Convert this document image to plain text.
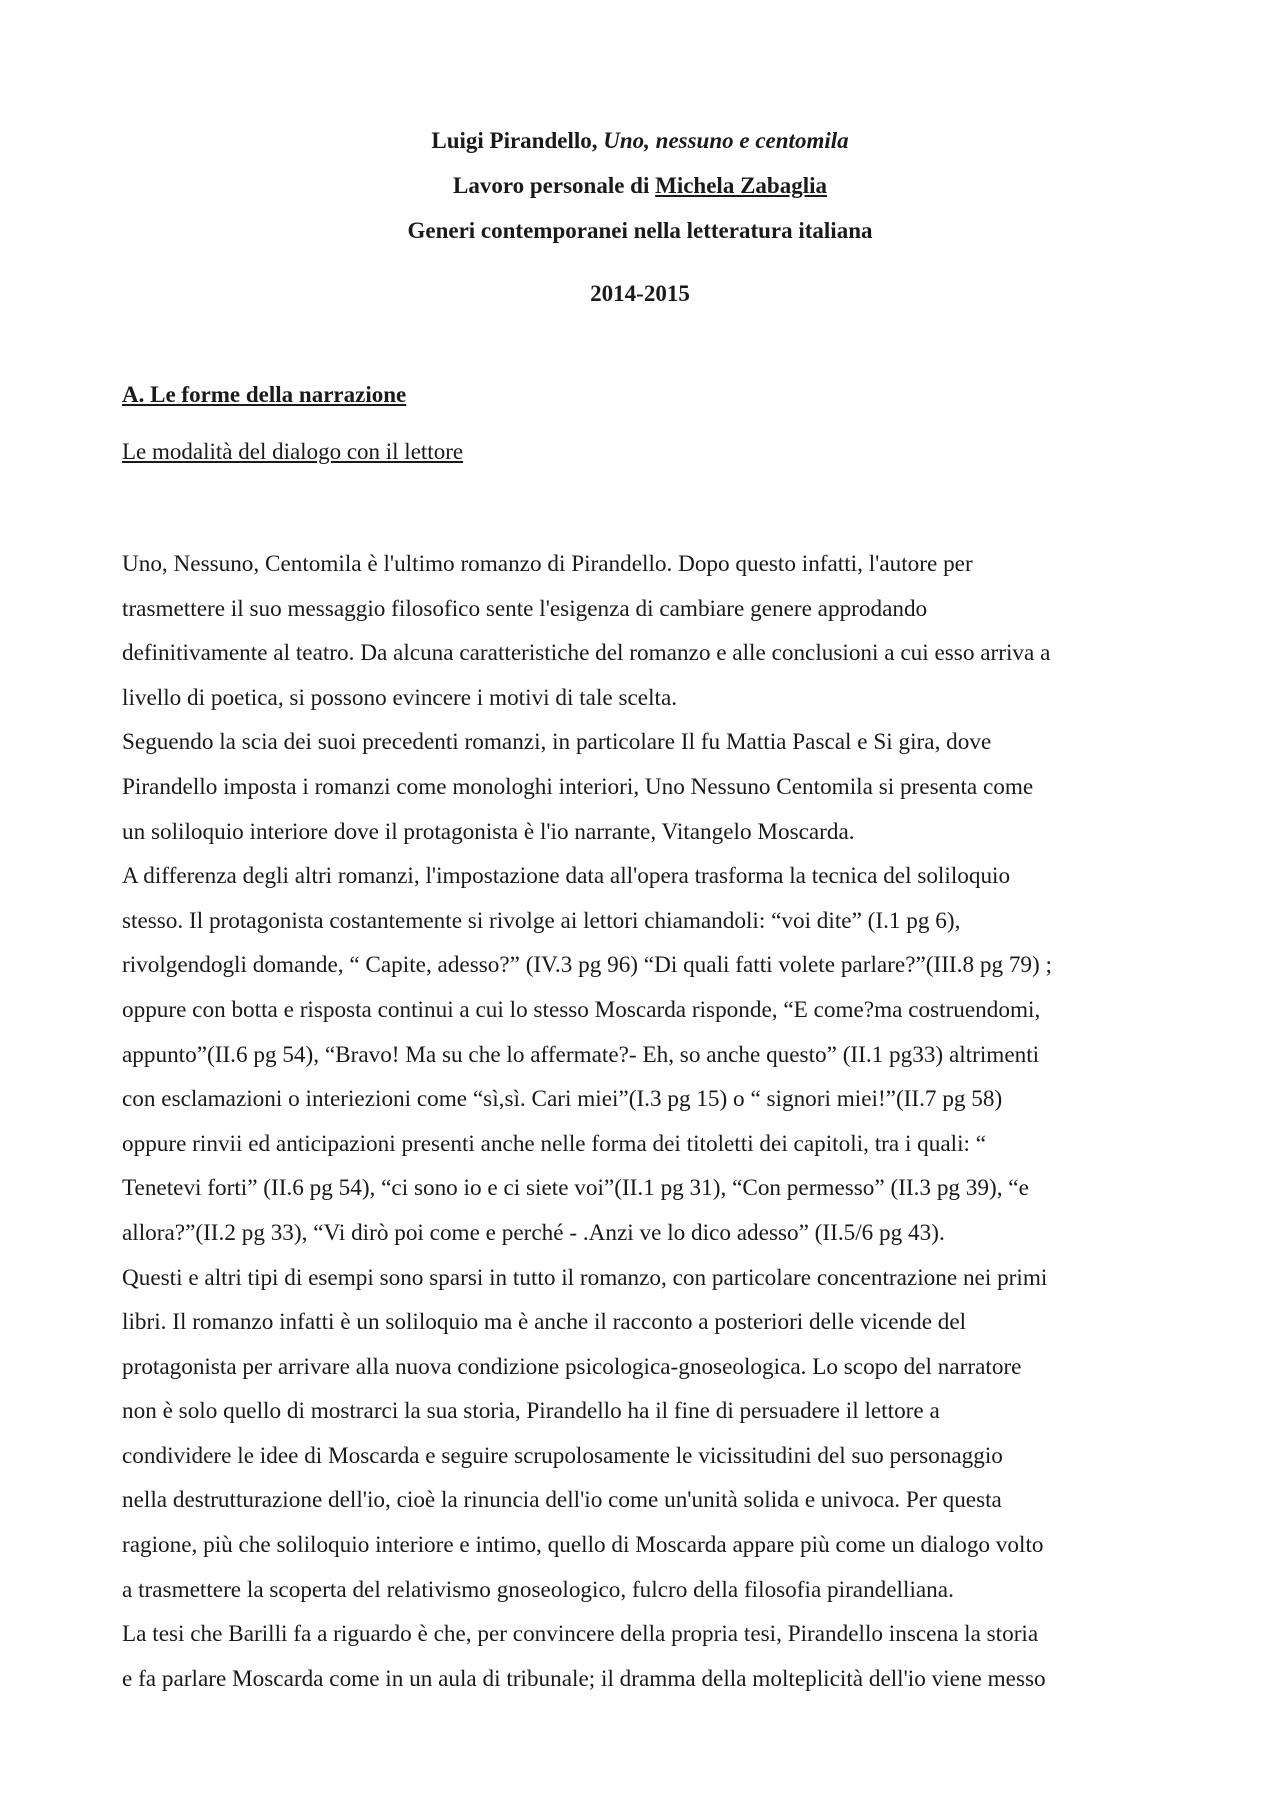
Luigi Pirandello, Uno, nessuno e centomila
Lavoro personale di Michela Zabaglia
Generi contemporanei nella letteratura italiana
2014-2015
A. Le forme della narrazione
Le modalità del dialogo con il lettore
Uno, Nessuno, Centomila è l'ultimo romanzo di Pirandello. Dopo questo infatti, l'autore per
trasmettere il suo messaggio filosofico sente l'esigenza di cambiare genere approdando
definitivamente al teatro. Da alcuna caratteristiche del romanzo e alle conclusioni a cui esso arriva a
livello di poetica, si possono evincere i motivi di tale scelta.
Seguendo la scia dei suoi precedenti romanzi, in particolare Il fu Mattia Pascal e Si gira, dove
Pirandello imposta i romanzi come monologhi interiori, Uno Nessuno Centomila si presenta come
un soliloquio interiore dove il protagonista è l'io narrante, Vitangelo Moscarda.
A differenza degli altri romanzi, l'impostazione data all'opera trasforma la tecnica del soliloquio
stesso. Il protagonista costantemente si rivolge ai lettori chiamandoli: “voi dite” (I.1 pg 6),
rivolgendogli domande, “ Capite, adesso?” (IV.3 pg 96) “Di quali fatti volete parlare?”(III.8 pg 79) ;
oppure con botta e risposta continui a cui lo stesso Moscarda risponde, “E come?ma costruendomi,
appunto”(II.6 pg 54), “Bravo! Ma su che lo affermate?- Eh, so anche questo” (II.1 pg33) altrimenti
con esclamazioni o interiezioni come “sì,sì. Cari miei”(I.3 pg 15) o “ signori miei!”(II.7 pg 58)
oppure rinvii ed anticipazioni presenti anche nelle forma dei titoletti dei capitoli, tra i quali: “
Tenetevi forti” (II.6 pg 54), “ci sono io e ci siete voi”(II.1 pg 31), “Con permesso” (II.3 pg 39), “e
allora?”(II.2 pg 33), “Vi dirò poi come e perché - .Anzi ve lo dico adesso” (II.5/6 pg 43).
Questi e altri tipi di esempi sono sparsi in tutto il romanzo, con particolare concentrazione nei primi
libri. Il romanzo infatti è un soliloquio ma è anche il racconto a posteriori delle vicende del
protagonista per arrivare alla nuova condizione psicologica-gnoseologica. Lo scopo del narratore
non è solo quello di mostrarci la sua storia, Pirandello ha il fine di persuadere il lettore a
condividere le idee di Moscarda e seguire scrupolosamente le vicissitudini del suo personaggio
nella destrutturazione dell'io, cioè la rinuncia dell'io come un'unità solida e univoca. Per questa
ragione, più che soliloquio interiore e intimo, quello di Moscarda appare più come un dialogo volto
a trasmettere la scoperta del relativismo gnoseologico, fulcro della filosofia pirandelliana.
La tesi che Barilli fa a riguardo è che, per convincere della propria tesi, Pirandello inscena la storia
e fa parlare Moscarda come in un aula di tribunale; il dramma della molteplicità dell'io viene messo
